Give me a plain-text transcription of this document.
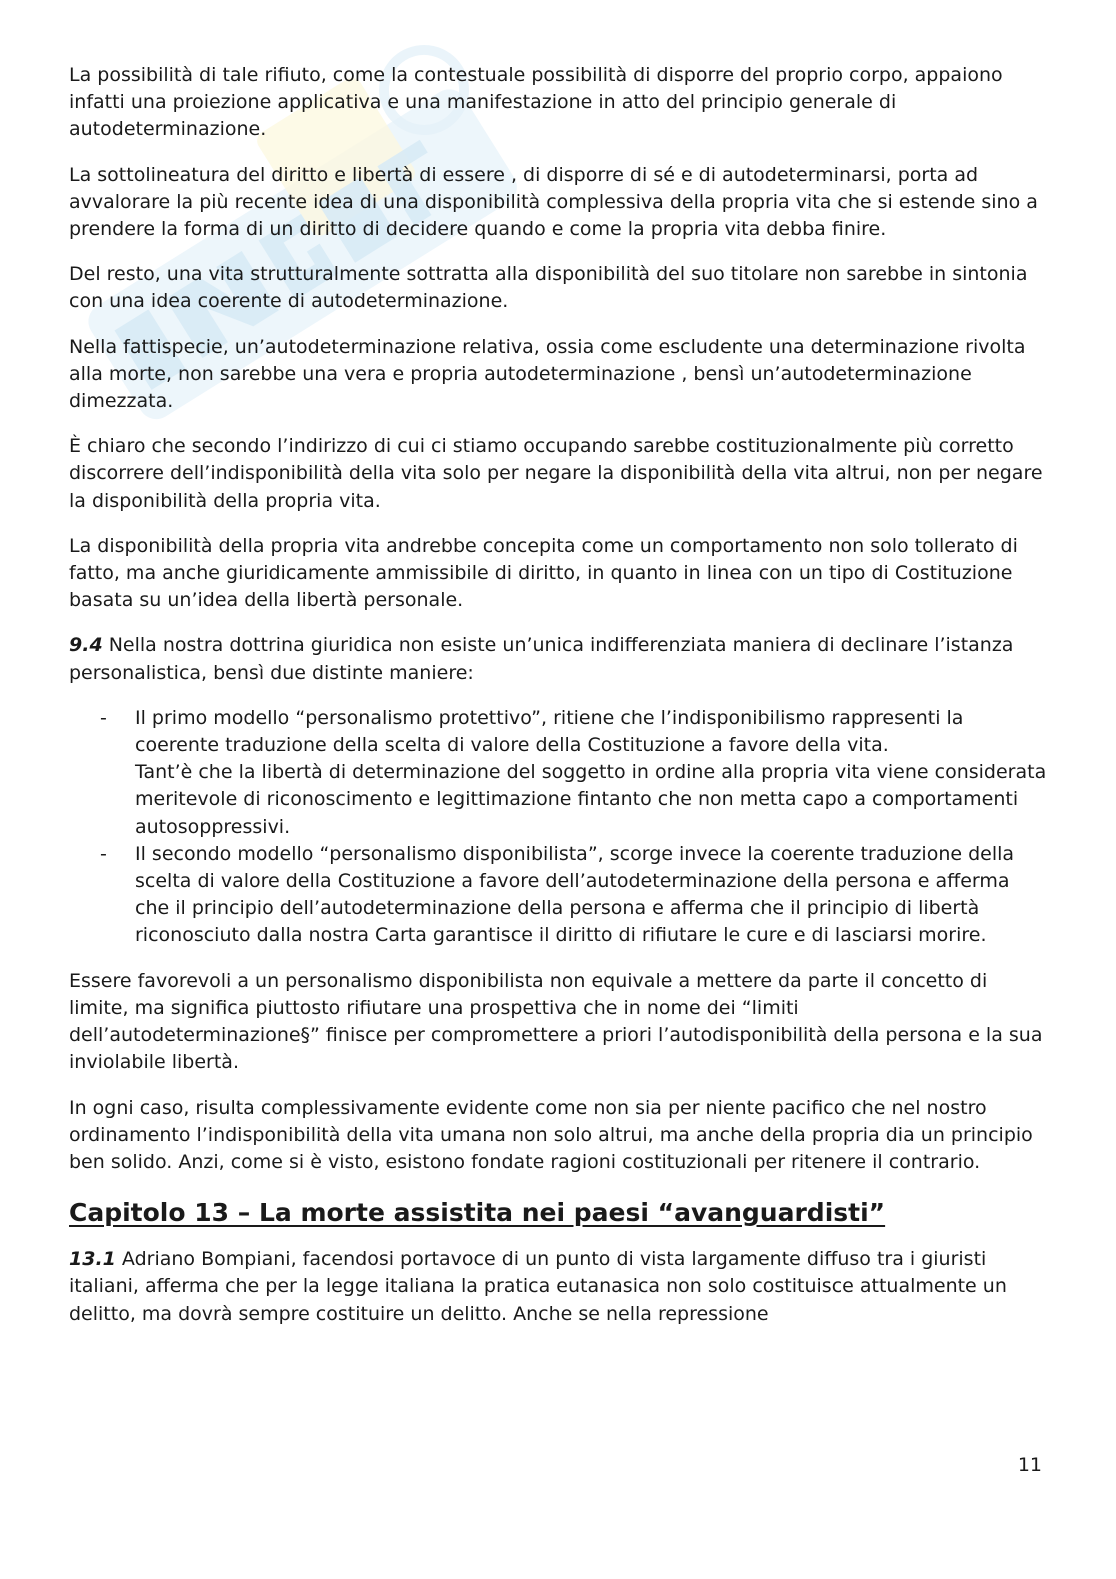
La possibilità di tale rifiuto, come la contestuale possibilità di disporre del proprio corpo, appaiono infatti una proiezione applicativa e una manifestazione in atto del principio generale di autodeterminazione.

La sottolineatura del diritto e libertà di essere , di disporre di sé e di autodeterminarsi, porta ad avvalorare la più recente idea di una disponibilità complessiva della propria vita che si estende sino a prendere la forma di un diritto di decidere quando e come la propria vita debba finire.

Del resto, una vita strutturalmente sottratta alla disponibilità del suo titolare non sarebbe in sintonia con una idea coerente di autodeterminazione.

Nella fattispecie, un’autodeterminazione relativa, ossia come escludente una determinazione rivolta alla morte, non sarebbe una vera e propria autodeterminazione , bensì un’autodeterminazione dimezzata.

È chiaro che secondo l’indirizzo di cui ci stiamo occupando sarebbe costituzionalmente più corretto discorrere dell’indisponibilità della vita solo per negare la disponibilità della vita altrui, non per negare la disponibilità della propria vita.

La disponibilità della propria vita andrebbe concepita come un comportamento non solo tollerato di fatto, ma anche giuridicamente ammissibile di diritto, in quanto in linea con un tipo di Costituzione basata su un’idea della libertà personale.

9.4 Nella nostra dottrina giuridica non esiste un’unica indifferenziata maniera di declinare l’istanza personalistica, bensì due distinte maniere:

- Il primo modello “personalismo protettivo”, ritiene che l’indisponibilismo rappresenti la coerente traduzione della scelta di valore della Costituzione a favore della vita.
Tant’è che la libertà di determinazione del soggetto in ordine alla propria vita viene considerata meritevole di riconoscimento e legittimazione fintanto che non metta capo a comportamenti autosoppressivi.
- Il secondo modello “personalismo disponibilista”, scorge invece la coerente traduzione della scelta di valore della Costituzione a favore dell’autodeterminazione della persona e afferma che il principio dell’autodeterminazione della persona e afferma che il principio di libertà riconosciuto dalla nostra Carta garantisce il diritto di rifiutare le cure e di lasciarsi morire.

Essere favorevoli a un personalismo disponibilista non equivale a mettere da parte il concetto di limite, ma significa piuttosto rifiutare una prospettiva che in nome dei “limiti dell’autodeterminazione§” finisce per compromettere a priori l’autodisponibilità della persona e la sua inviolabile libertà.

In ogni caso, risulta complessivamente evidente come non sia per niente pacifico che nel nostro ordinamento l’indisponibilità della vita umana non solo altrui, ma anche della propria dia un principio ben solido. Anzi, come si è visto, esistono fondate ragioni costituzionali per ritenere il contrario.

Capitolo 13 – La morte assistita nei paesi “avanguardisti”

13.1 Adriano Bompiani, facendosi portavoce di un punto di vista largamente diffuso tra i giuristi italiani, afferma che per la legge italiana la pratica eutanasica non solo costituisce attualmente un delitto, ma dovrà sempre costituire un delitto. Anche se nella repressione

11
